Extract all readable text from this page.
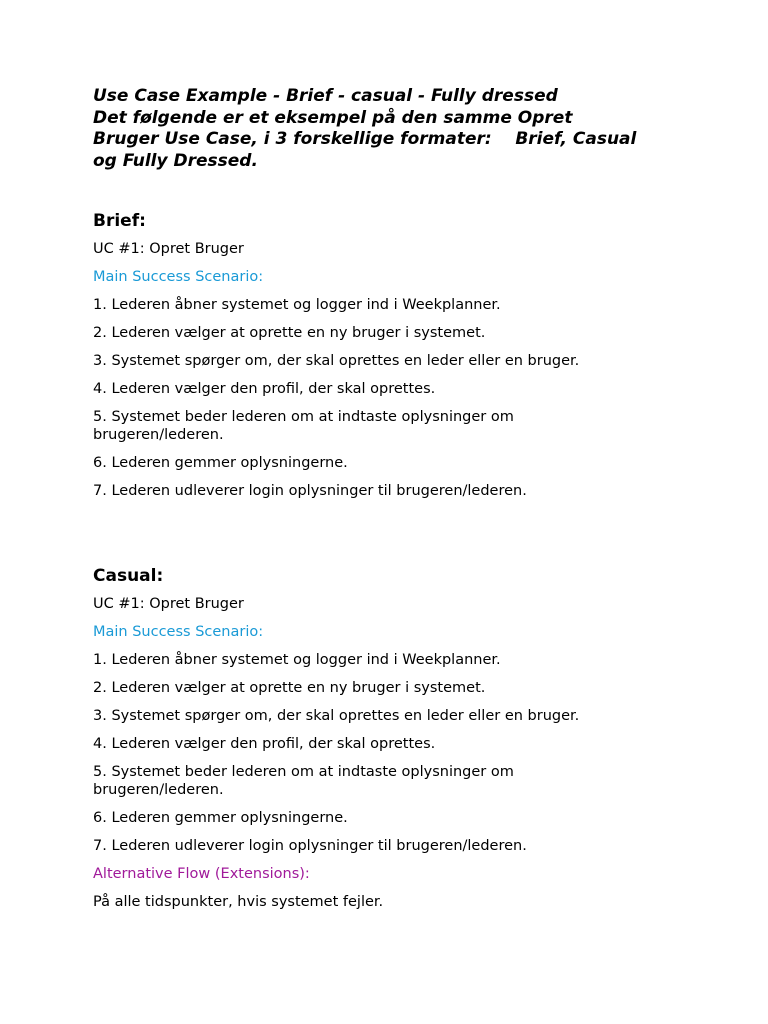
Use Case Example - Brief - casual - Fully dressed
Det følgende er et eksempel på den samme Opret
Bruger Use Case, i 3 forskellige formater:    Brief, Casual
og Fully Dressed.

Brief:

UC #1: Opret Bruger

Main Success Scenario:

1. Lederen åbner systemet og logger ind i Weekplanner.

2. Lederen vælger at oprette en ny bruger i systemet.

3. Systemet spørger om, der skal oprettes en leder eller en bruger.

4. Lederen vælger den profil, der skal oprettes.

5. Systemet beder lederen om at indtaste oplysninger om

brugeren/lederen.

6. Lederen gemmer oplysningerne.

7. Lederen udleverer login oplysninger til brugeren/lederen.

Casual:

UC #1: Opret Bruger

Main Success Scenario:

1. Lederen åbner systemet og logger ind i Weekplanner.

2. Lederen vælger at oprette en ny bruger i systemet.

3. Systemet spørger om, der skal oprettes en leder eller en bruger.

4. Lederen vælger den profil, der skal oprettes.

5. Systemet beder lederen om at indtaste oplysninger om

brugeren/lederen.

6. Lederen gemmer oplysningerne.

7. Lederen udleverer login oplysninger til brugeren/lederen.

Alternative Flow (Extensions):

På alle tidspunkter, hvis systemet fejler.
